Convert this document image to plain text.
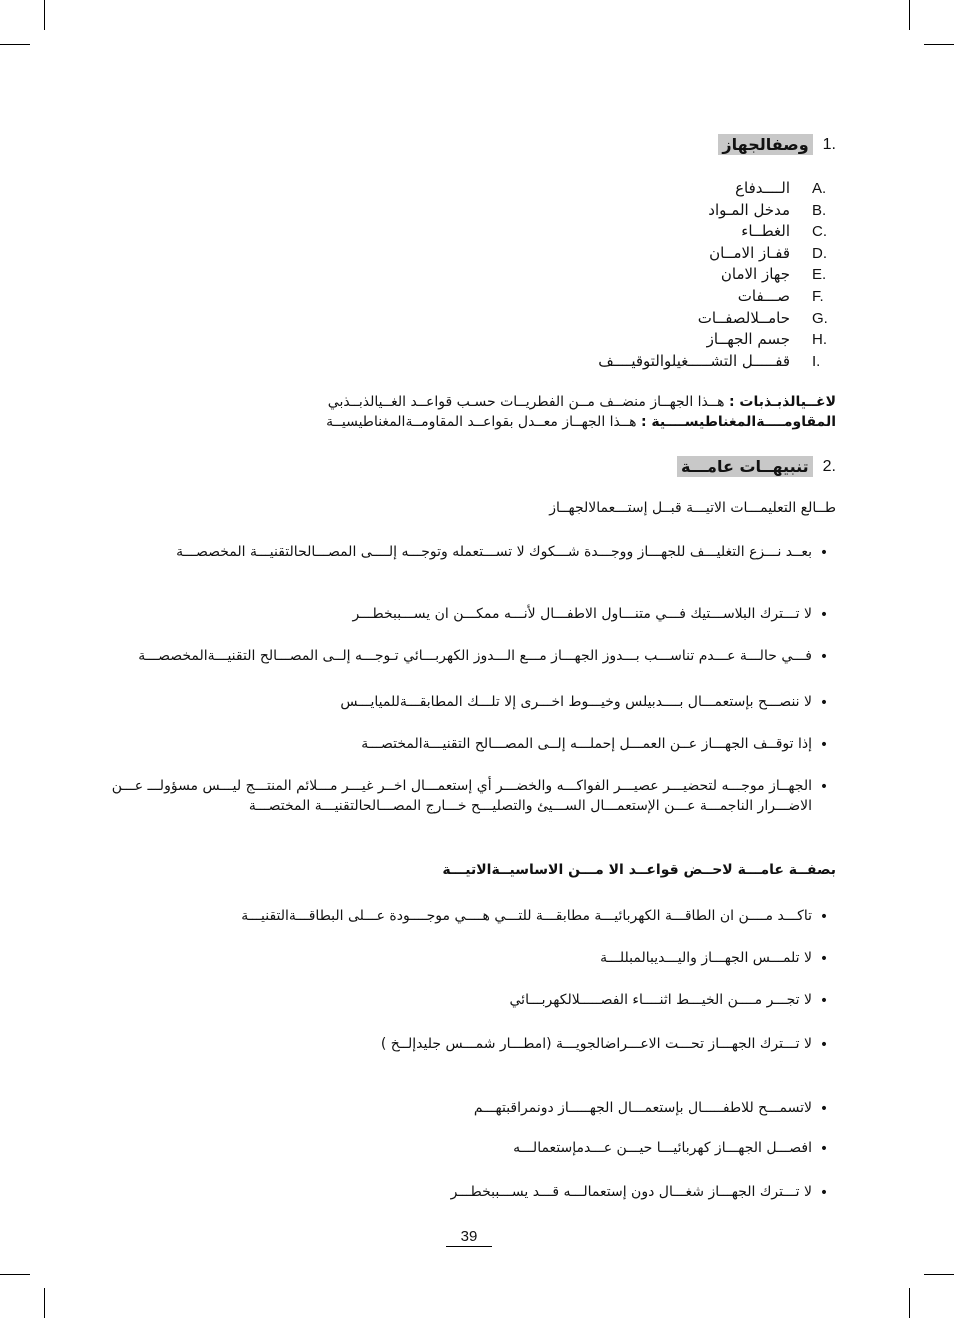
وصفالجهاز 1.
الــــدفاع A.
مدخل المـواد B.
الغطــاء C.
قفـاز الامــان D.
جهاز الامان E.
صـــفات F.
حامــلالصفــات G.
جسم الجهــاز H.
قفـــــل التشـــــغيلوالتوقيــــف I.
لاغــيالذبـذبات : هــذا الجهــاز منضــف مــن الفطريــات حسـب قواعــد الغــيالذبــذبي
المقاومــــةالمغناطيســــية : هــذا الجهــاز معــدل بقواعــد المقاومــةالمغناطيسيــة
تنبيهــات عامـــة 2.
طــالع التعليمـــات الاتيـــة قبــل إستـــعمالالجهــاز
•
بعــد نـــزع التغليـــف للجهـــاز ووجـــدة شـــكوك لا تســـتعمله وتوجـــه إلــــى المصـــالحالتقنيـــة المخصصـــة
•
لا تـــترك البلاســـتيك فـــي متنـــاول الاطفـــال لأنـــه ممكـــن ان يســـببخطـــر
•
فـــي حالـــة عـــدم تناســـب بـــدوز الجهـــاز مـــع الـــدوز الكهربـــائي تـوجـــه إلــى المصـــالح التقنيـــةالمخصصـــة
•
لا ننصـــح بإستعمـــال بــــدبيلس وخيـــوط اخـــرى إلا تلـــك المطابقـــةللميايـــس
•
إذا توقــف الجهـــاز عــن العمـــل إحملـــه إلــى المصـــالح التقنيـــةالمختصـــة
•
الجهــاز موجـــه لتحضيـــر عصيـــر الفواكـــه والخضـــر أي إستعمـــال اخــر غيـــر مـــلائم المنتـــج ليـــس مسؤولـــ عـــن الاضـــرار الناجمـــة عـــن الإستعمـــال الســـيئ والتصليـــح خـــارج المصـــالحالتقنيـــة المختصـــة
بصفــة عامـــة لاحــض قواعــد الا مـــن الاساسيــةالاتيـــة
•
تاكـــد مــــن ان الطاقـــة الكهربائيـــة مطابقـــة للتـــي هــــي موجــــودة عـــلى البطاقـــةالتقنيـــة
•
لا تلمـــس الجهـــاز واليـــديبالمبللـــة
•
لا تجـــر مــــن الخيـــط اثنــــاء الفصـــــلالكهربـــائي
•
لا تـــترك الجهـــاز تحـــت الاعـــراضالجويـــة (امطـــار شمـــس جليدإلــخ )
•
لاتسمـــح للاطفـــــال بإستعمـــال الجهـــــاز دونمراقبتهـــم
•
افصـــل الجهـــاز كهربائيـــا حيـــن عـــدمإستعمالـــه
•
لا تـــترك الجهـــاز شغـــال دون إستعمالـــه قـــد يســـببخطـــر
39
